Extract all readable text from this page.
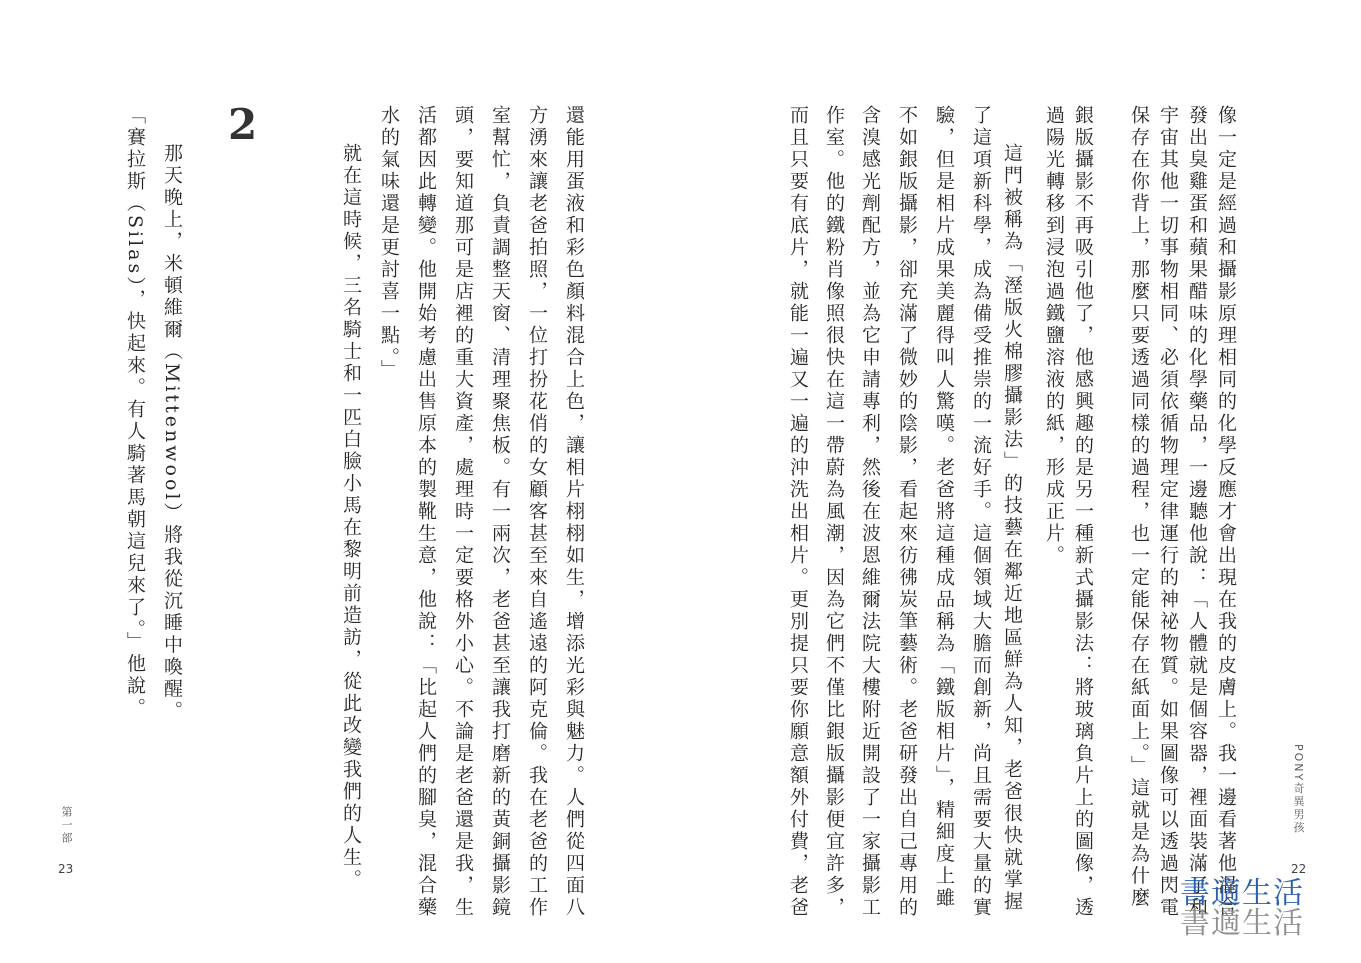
像一定是經過和攝影原理相同的化學反應才會出現在我的皮膚上。我一邊看著他混合

發出臭雞蛋和蘋果醋味的化學藥品，一邊聽他說：「人體就是個容器，裡面裝滿了和

宇宙其他一切事物相同、必須依循物理定律運行的神祕物質。如果圖像可以透過閃電

保存在你背上，那麼只要透過同樣的過程，也一定能保存在紙面上。」這就是為什麼

銀版攝影不再吸引他了，他感興趣的是另一種新式攝影法：將玻璃負片上的圖像，透

過陽光轉移到浸泡過鐵鹽溶液的紙，形成正片。

這門被稱為「溼版火棉膠攝影法」的技藝在鄰近地區鮮為人知，老爸很快就掌握

了這項新科學，成為備受推崇的一流好手。這個領域大膽而創新，尚且需要大量的實

驗，但是相片成果美麗得叫人驚嘆。老爸將這種成品稱為「鐵版相片」，精細度上雖

不如銀版攝影，卻充滿了微妙的陰影，看起來彷彿炭筆藝術。老爸研發出自己專用的

含溴感光劑配方，並為它申請專利，然後在波恩維爾法院大樓附近開設了一家攝影工

作室。他的鐵粉肖像照很快在這一帶蔚為風潮，因為它們不僅比銀版攝影便宜許多，

而且只要有底片，就能一遍又一遍的沖洗出相片。更別提只要你願意額外付費，老爸	PONY奇異男孩
22

還能用蛋液和彩色顏料混合上色，讓相片栩栩如生，增添光彩與魅力。人們從四面八

方湧來讓老爸拍照，一位打扮花俏的女顧客甚至來自遙遠的阿克倫。我在老爸的工作

室幫忙，負責調整天窗、清理聚焦板。有一兩次，老爸甚至讓我打磨新的黃銅攝影鏡

頭，要知道那可是店裡的重大資產，處理時一定要格外小心。不論是老爸還是我，生

活都因此轉變。他開始考慮出售原本的製靴生意，他說：「比起人們的腳臭，混合藥

水的氣味還是更討喜一點。」

就在這時候，三名騎士和一匹白臉小馬在黎明前造訪，從此改變我們的人生。

2

那天晚上，米頓維爾（Mittenwool）將我從沉睡中喚醒。

「賽拉斯（Silas），快起來。有人騎著馬朝這兒來了。」他說。

第一部
23
書適生活
書適生活
